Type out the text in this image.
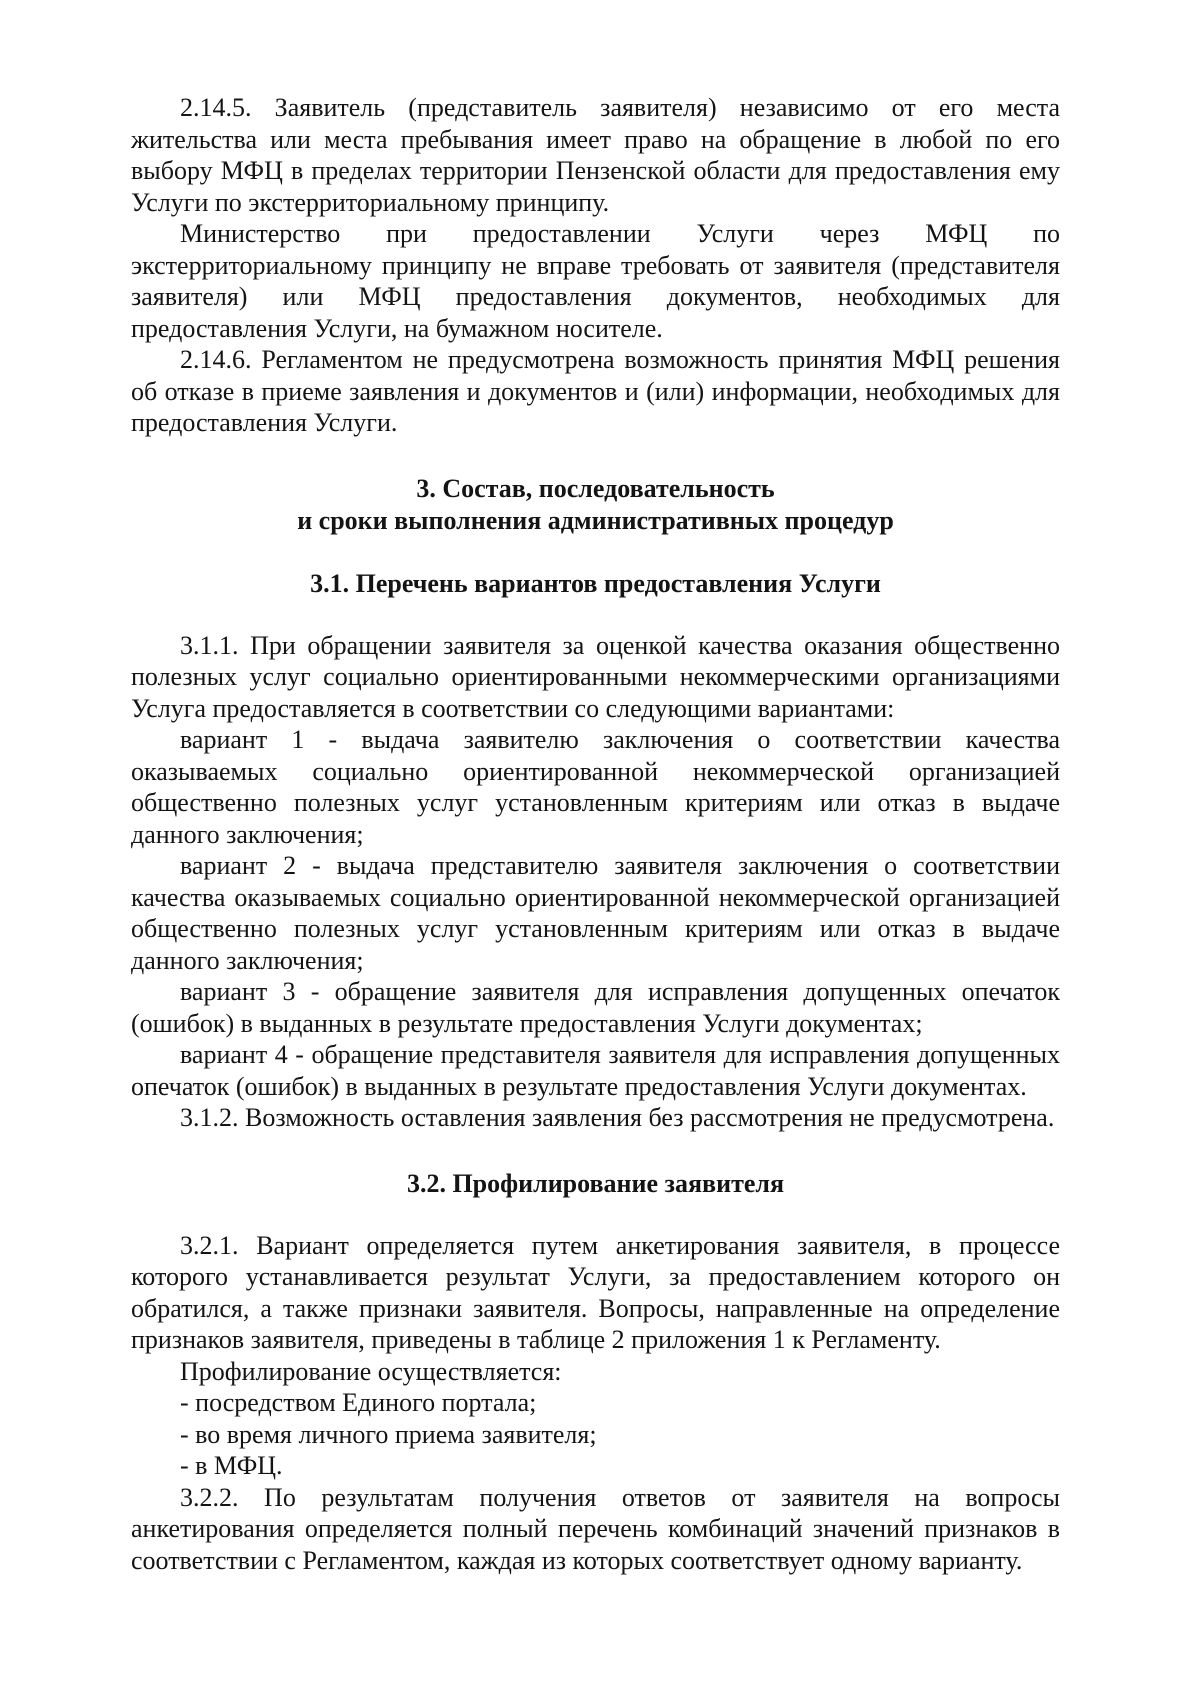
2.14.5. Заявитель (представитель заявителя) независимо от его места жительства или места пребывания имеет право на обращение в любой по его выбору МФЦ в пределах территории Пензенской области для предоставления ему Услуги по экстерриториальному принципу.

Министерство при предоставлении Услуги через МФЦ по экстерриториальному принципу не вправе требовать от заявителя (представителя заявителя) или МФЦ предоставления документов, необходимых для предоставления Услуги, на бумажном носителе.

2.14.6. Регламентом не предусмотрена возможность принятия МФЦ решения об отказе в приеме заявления и документов и (или) информации, необходимых для предоставления Услуги.

3. Состав, последовательность

и сроки выполнения административных процедур

3.1. Перечень вариантов предоставления Услуги

3.1.1. При обращении заявителя за оценкой качества оказания общественно полезных услуг социально ориентированными некоммерческими организациями Услуга предоставляется в соответствии со следующими вариантами:

вариант 1 - выдача заявителю заключения о соответствии качества оказываемых социально ориентированной некоммерческой организацией общественно полезных услуг установленным критериям или отказ в выдаче данного заключения;

вариант 2 - выдача представителю заявителя заключения о соответствии качества оказываемых социально ориентированной некоммерческой организацией общественно полезных услуг установленным критериям или отказ в выдаче данного заключения;

вариант 3 - обращение заявителя для исправления допущенных опечаток (ошибок) в выданных в результате предоставления Услуги документах;

вариант 4 - обращение представителя заявителя для исправления допущенных опечаток (ошибок) в выданных в результате предоставления Услуги документах.

3.1.2. Возможность оставления заявления без рассмотрения не предусмотрена.

3.2. Профилирование заявителя

3.2.1. Вариант определяется путем анкетирования заявителя, в процессе которого устанавливается результат Услуги, за предоставлением которого он обратился, а также признаки заявителя. Вопросы, направленные на определение признаков заявителя, приведены в таблице 2 приложения 1 к Регламенту.

Профилирование осуществляется:

- посредством Единого портала;

- во время личного приема заявителя;

- в МФЦ.

3.2.2. По результатам получения ответов от заявителя на вопросы анкетирования определяется полный перечень комбинаций значений признаков в соответствии с Регламентом, каждая из которых соответствует одному варианту.
